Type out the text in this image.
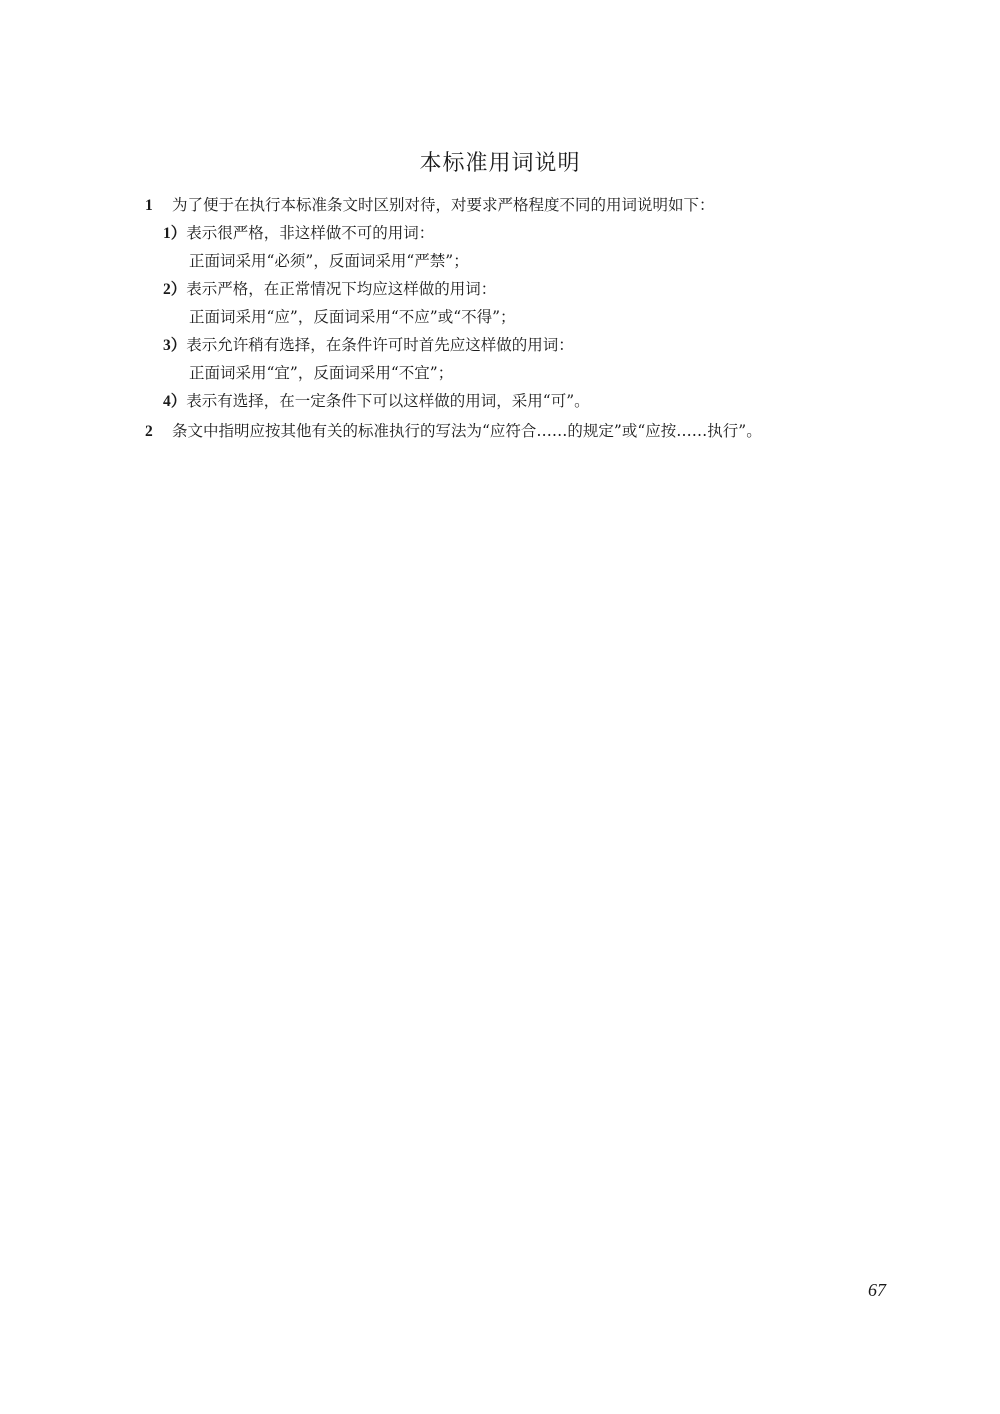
本标准用词说明
1 为了便于在执行本标准条文时区别对待，对要求严格程度不同的用词说明如下：
1）表示很严格，非这样做不可的用词：
正面词采用“必须”，反面词采用“严禁”；
2）表示严格，在正常情况下均应这样做的用词：
正面词采用“应”，反面词采用“不应”或“不得”；
3）表示允许稍有选择，在条件许可时首先应这样做的用词：
正面词采用“宜”，反面词采用“不宜”；
4）表示有选择，在一定条件下可以这样做的用词，采用“可”。
2 条文中指明应按其他有关的标准执行的写法为“应符合……的规定”或“应按……执行”。
67
